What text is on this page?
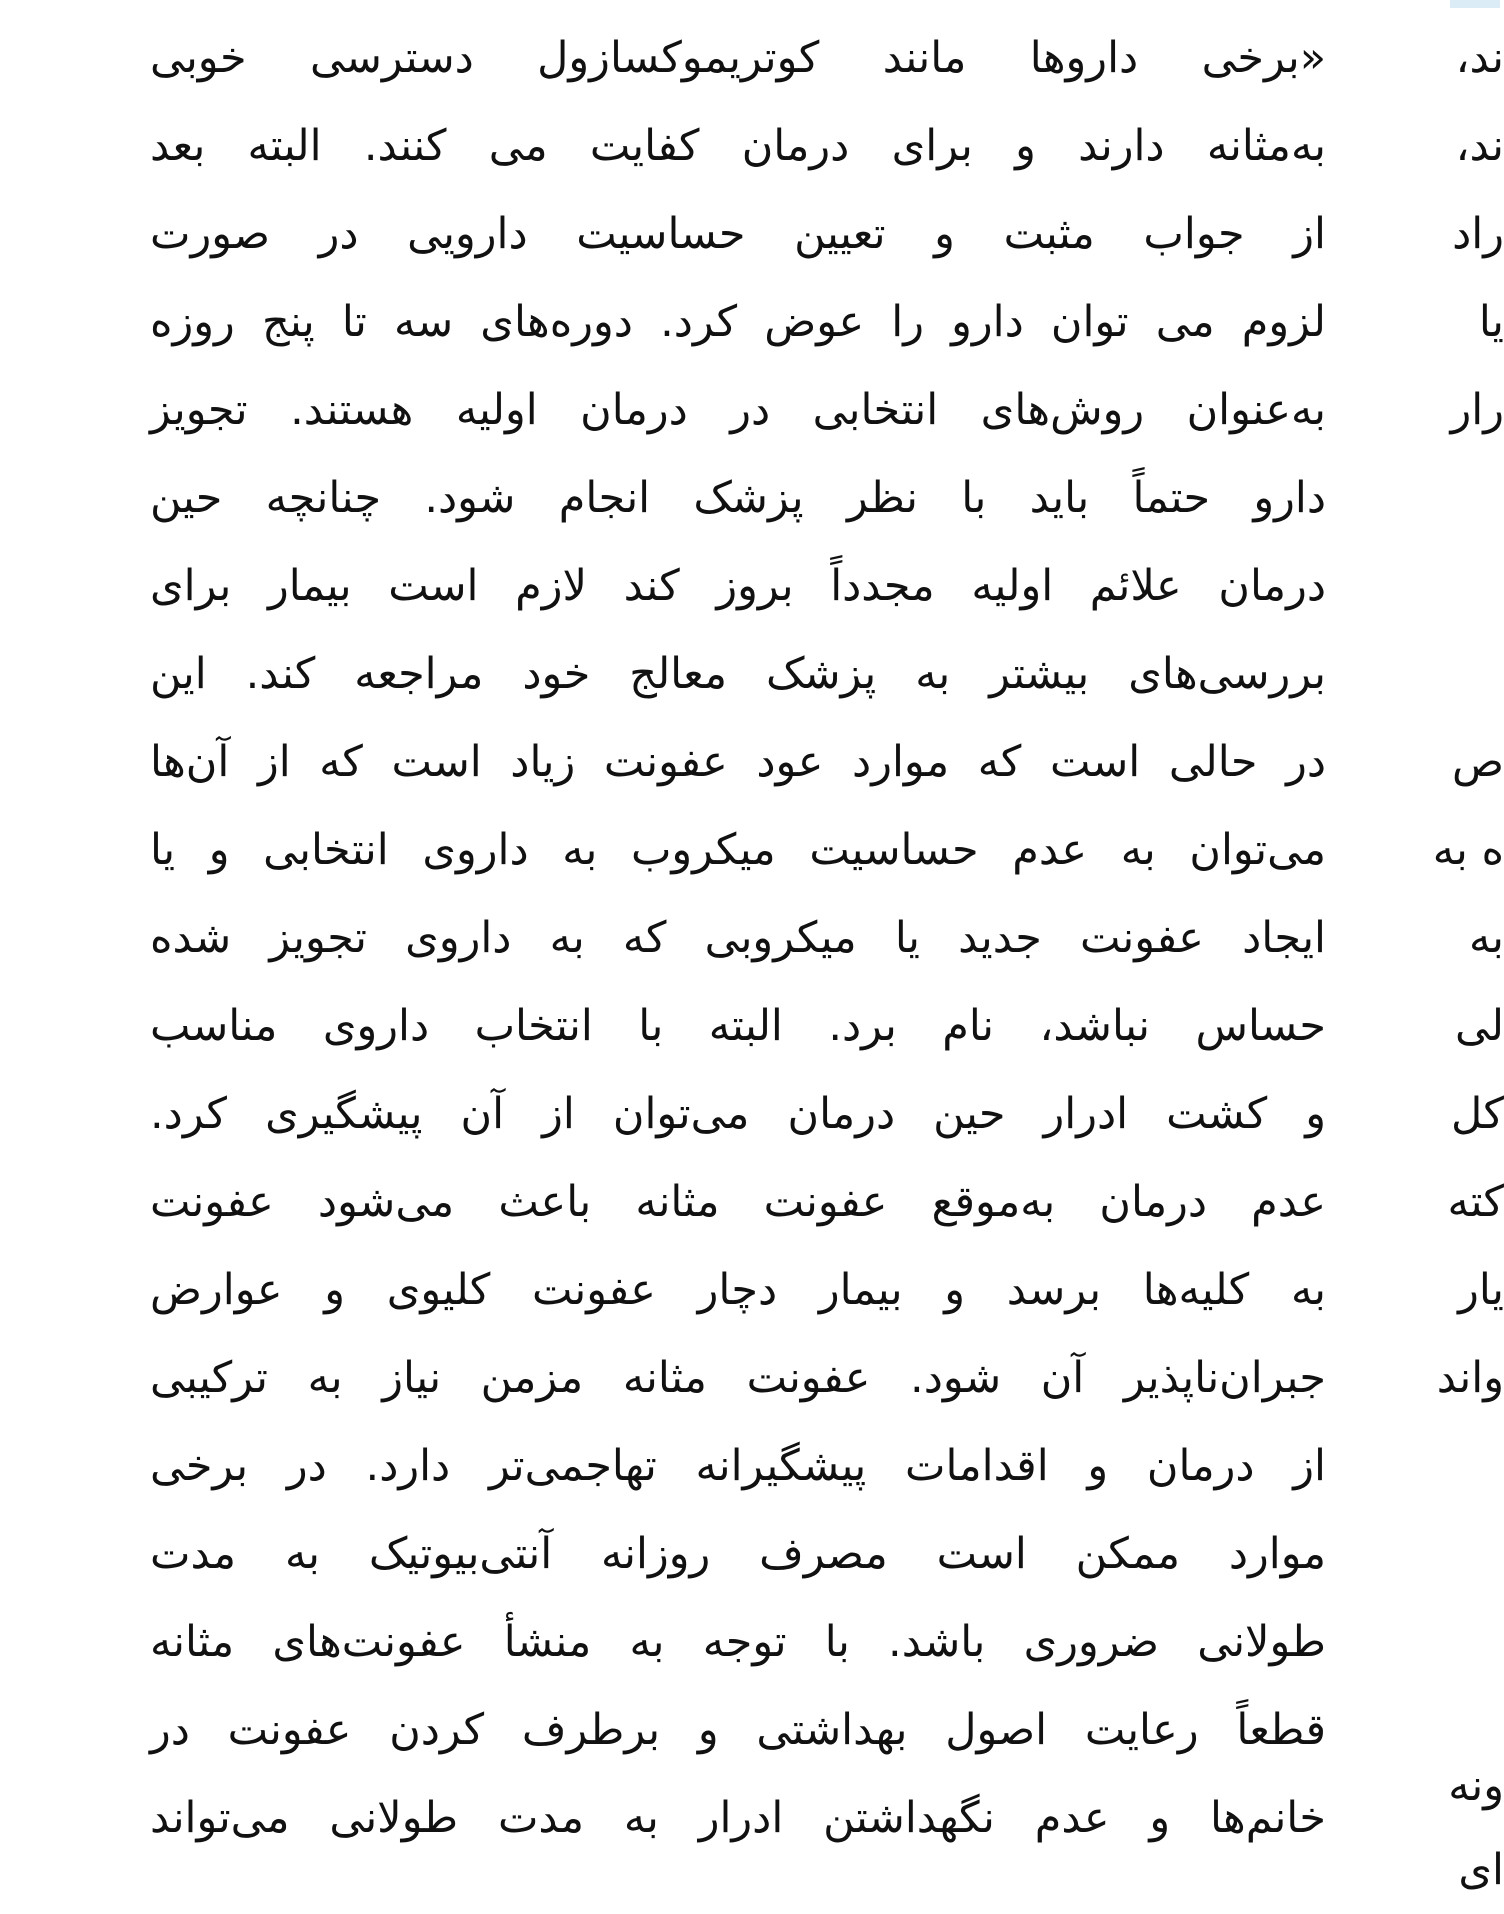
«برخی داروها مانند کوتریموکسازول دسترسی خوبی
به‌مثانه دارند و برای درمان کفایت می کنند. البته بعد
از جواب مثبت و تعیین حساسیت دارویی در صورت
لزوم می توان دارو را عوض کرد. دوره‌های سه تا پنج روزه
به‌عنوان روش‌های انتخابی در درمان اولیه هستند. تجویز
دارو حتماً باید با نظر پزشک انجام شود. چنانچه حین
درمان علائم اولیه مجدداً بروز کند لازم است بیمار برای
بررسی‌های بیشتر به پزشک معالج خود مراجعه کند. این
در حالی است که موارد عود عفونت زیاد است که از آن‌ها
می‌توان به عدم حساسیت میکروب به داروی انتخابی و یا
ایجاد عفونت جدید یا میکروبی که به داروی تجویز شده
حساس نباشد، نام برد. البته با انتخاب داروی مناسب
و کشت ادرار حین درمان می‌توان از آن پیشگیری کرد.
عدم درمان به‌موقع عفونت مثانه باعث می‌شود عفونت
به کلیه‌ها برسد و بیمار دچار عفونت کلیوی و عوارض
جبران‌ناپذیر آن شود. عفونت مثانه مزمن نیاز به ترکیبی
از درمان و اقدامات پیشگیرانه تهاجمی‌تر دارد. در برخی
موارد ممکن است مصرف روزانه آنتی‌بیوتیک به مدت
طولانی ضروری باشد. با توجه به منشأ عفونت‌های مثانه
قطعاً رعایت اصول بهداشتی و برطرف کردن عفونت در
خانم‌ها و عدم نگهداشتن ادرار به مدت طولانی می‌تواند
ند،
ند،
راد
یا
رار
ص
ه به
به
لی
کل
کته
یار
واند
ونه
ای
